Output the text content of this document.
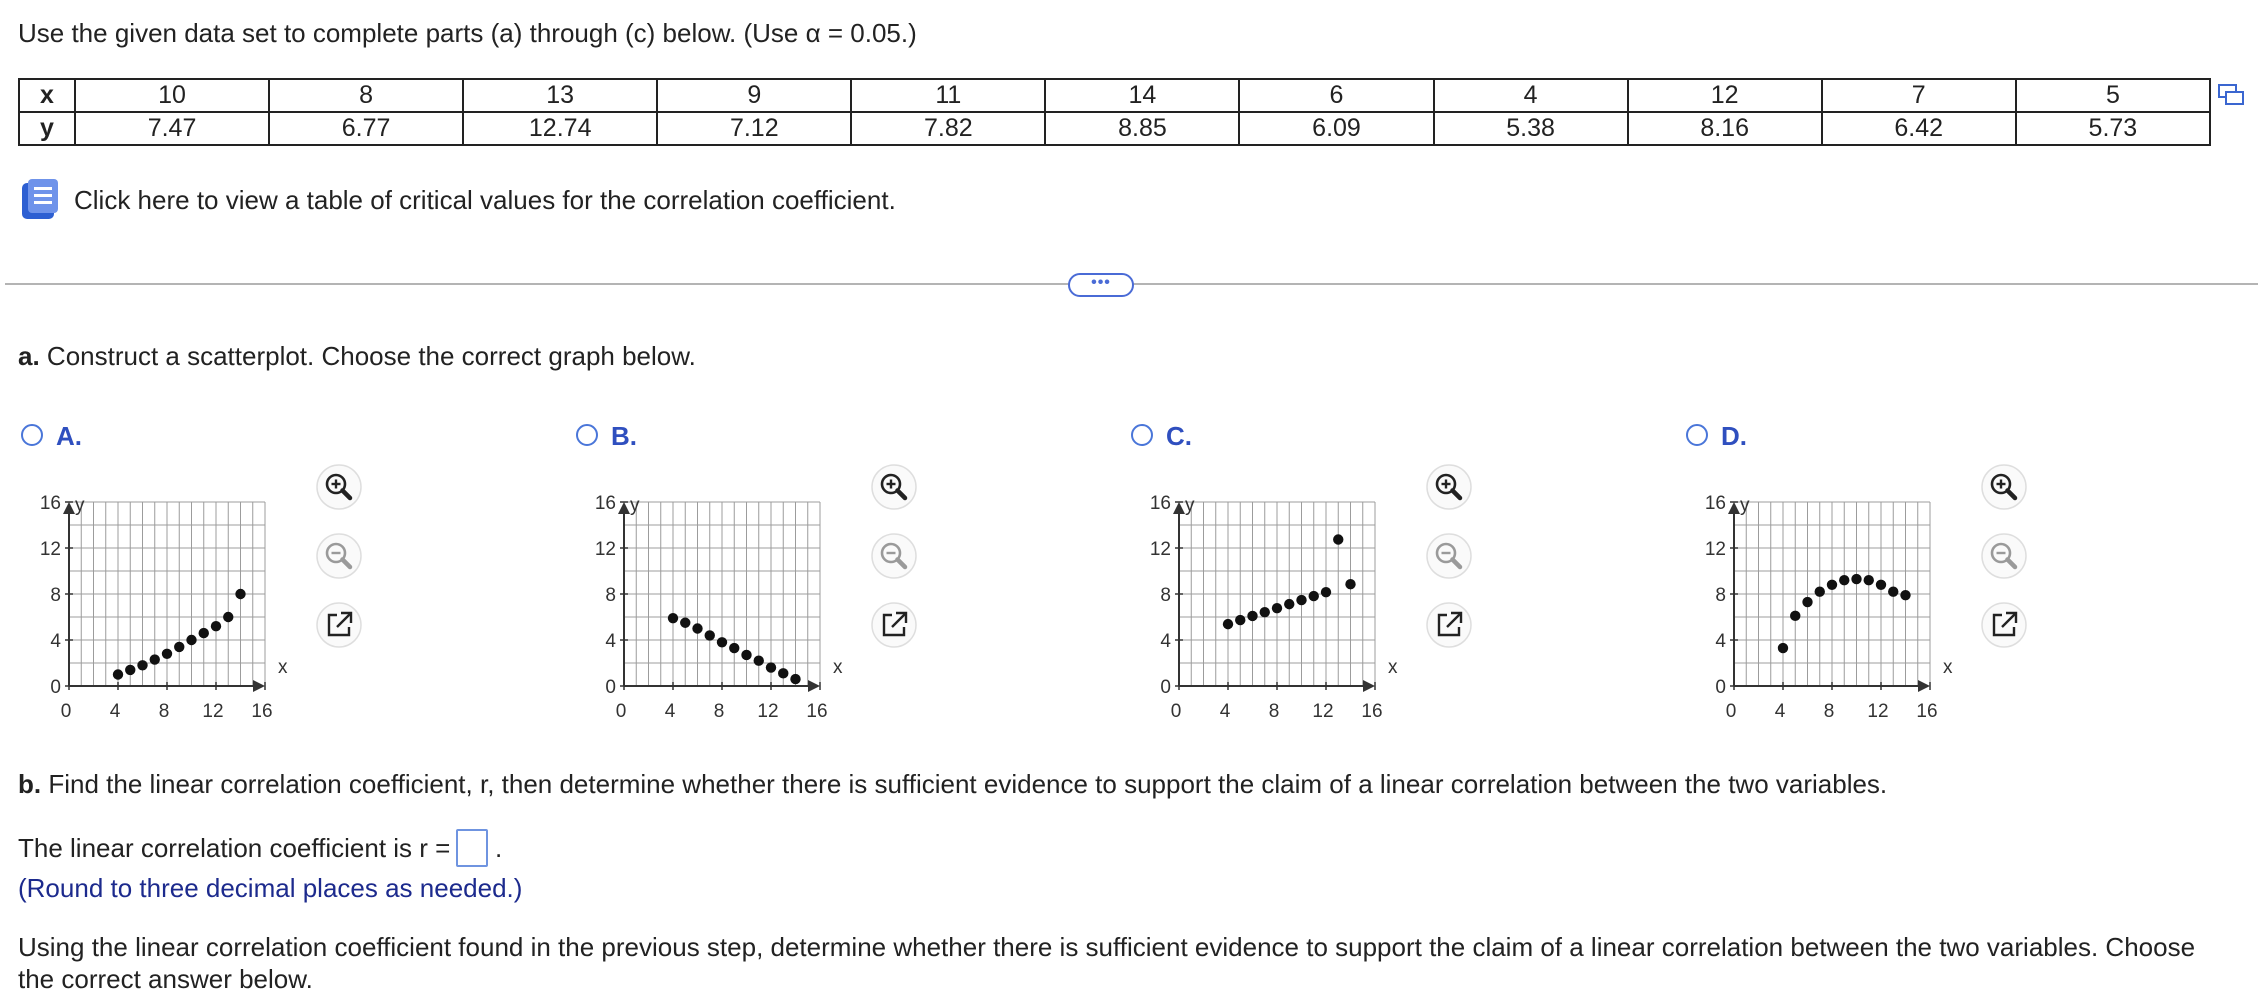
Use the given data set to complete parts (a) through (c) below. (Use α = 0.05.)
x	10	8	13	9	11	14	6	4	12	7	5
y	7.47	6.77	12.74	7.12	7.82	8.85	6.09	5.38	8.16	6.42	5.73
Click here to view a table of critical values for the correlation coefficient.
•••
a. Construct a scatterplot. Choose the correct graph below.
A.
0 4 8 12 16
0
4
8
12
16
x
y
B.
0 4 8 12 16
0
4
8
12
16
x
y
C.
0 4 8 12 16
0
4
8
12
16
x
y
D.
0 4 8 12 16
0
4
8
12
16
x
y
b. Find the linear correlation coefficient, r, then determine whether there is sufficient evidence to support the claim of a linear correlation between the two variables.
The linear correlation coefficient is r = .
(Round to three decimal places as needed.)
Using the linear correlation coefficient found in the previous step, determine whether there is sufficient evidence to support the claim of a linear correlation between the two variables. Choose the correct answer below.
